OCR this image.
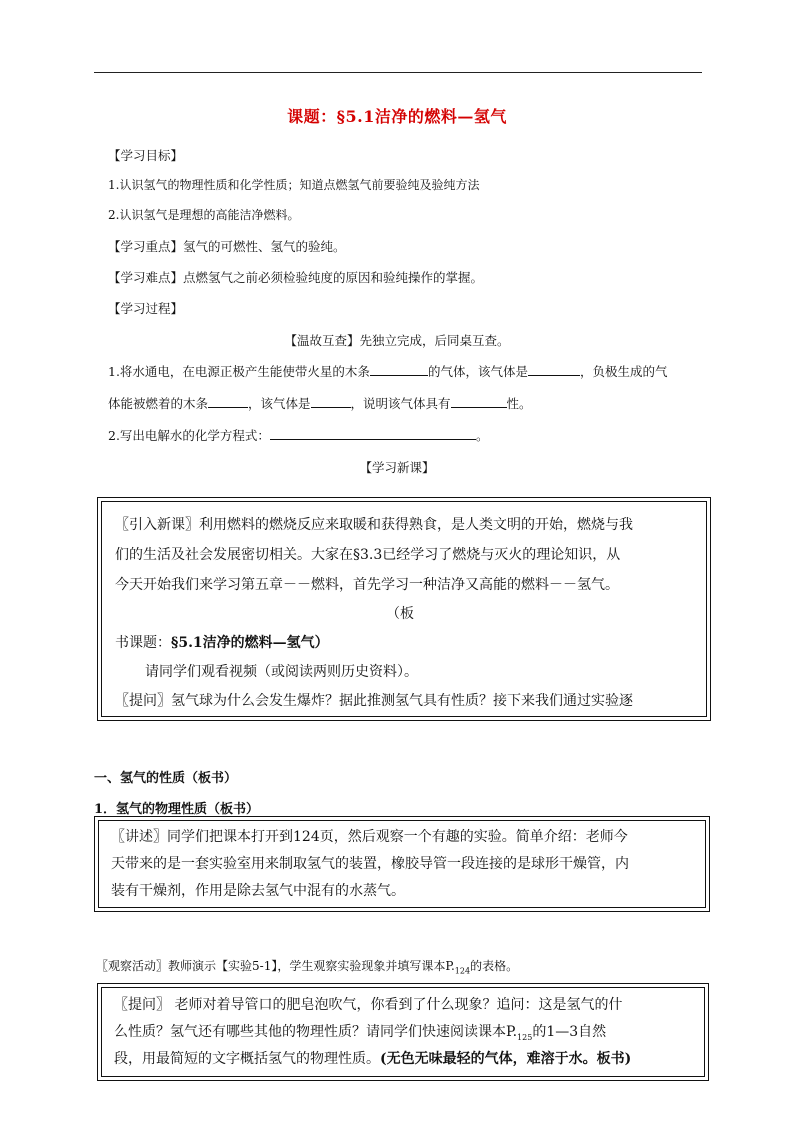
课题：§5.1洁净的燃料—氢气
【学习目标】
1.认识氢气的物理性质和化学性质；知道点燃氢气前要验纯及验纯方法
2.认识氢气是理想的高能洁净燃料。
【学习重点】氢气的可燃性、氢气的验纯。
【学习难点】点燃氢气之前必须检验纯度的原因和验纯操作的掌握。
【学习过程】
【温故互查】先独立完成，后同桌互查。
1.将水通电，在电源正极产生能使带火星的木条	的气体，该气体是	，负极生成的气
体能被燃着的木条	，该气体是	，说明该气体具有	性。
2.写出电解水的化学方程式：	。
【学习新课】
〖引入新课〗利用燃料的燃烧反应来取暖和获得熟食，是人类文明的开始，燃烧与我
们的生活及社会发展密切相关。大家在§3.3已经学习了燃烧与灭火的理论知识，从
今天开始我们来学习第五章－－燃料，首先学习一种洁净又高能的燃料－－氢气。
（板
书课题：§5.1洁净的燃料—氢气）
请同学们观看视频（或阅读两则历史资料）。
〖提问〗氢气球为什么会发生爆炸？据此推测氢气具有性质？接下来我们通过实验逐
一、氢气的性质（板书）
1．氢气的物理性质（板书）
〖讲述〗同学们把课本打开到124页，然后观察一个有趣的实验。简单介绍：老师今
天带来的是一套实验室用来制取氢气的装置，橡胶导管一段连接的是球形干燥管，内
装有干燥剂，作用是除去氢气中混有的水蒸气。
〖观察活动〗教师演示【实验5-1】，学生观察实验现象并填写课本$P._{124}$的表格。
〖提问〗 老师对着导管口的肥皂泡吹气，你看到了什么现象？追问：这是氢气的什
么性质？氢气还有哪些其他的物理性质？请同学们快速阅读课本$P._{125}$的1—3自然
段，用最简短的文字概括氢气的物理性质。(无色无味最轻的气体，难溶于水。板书)
